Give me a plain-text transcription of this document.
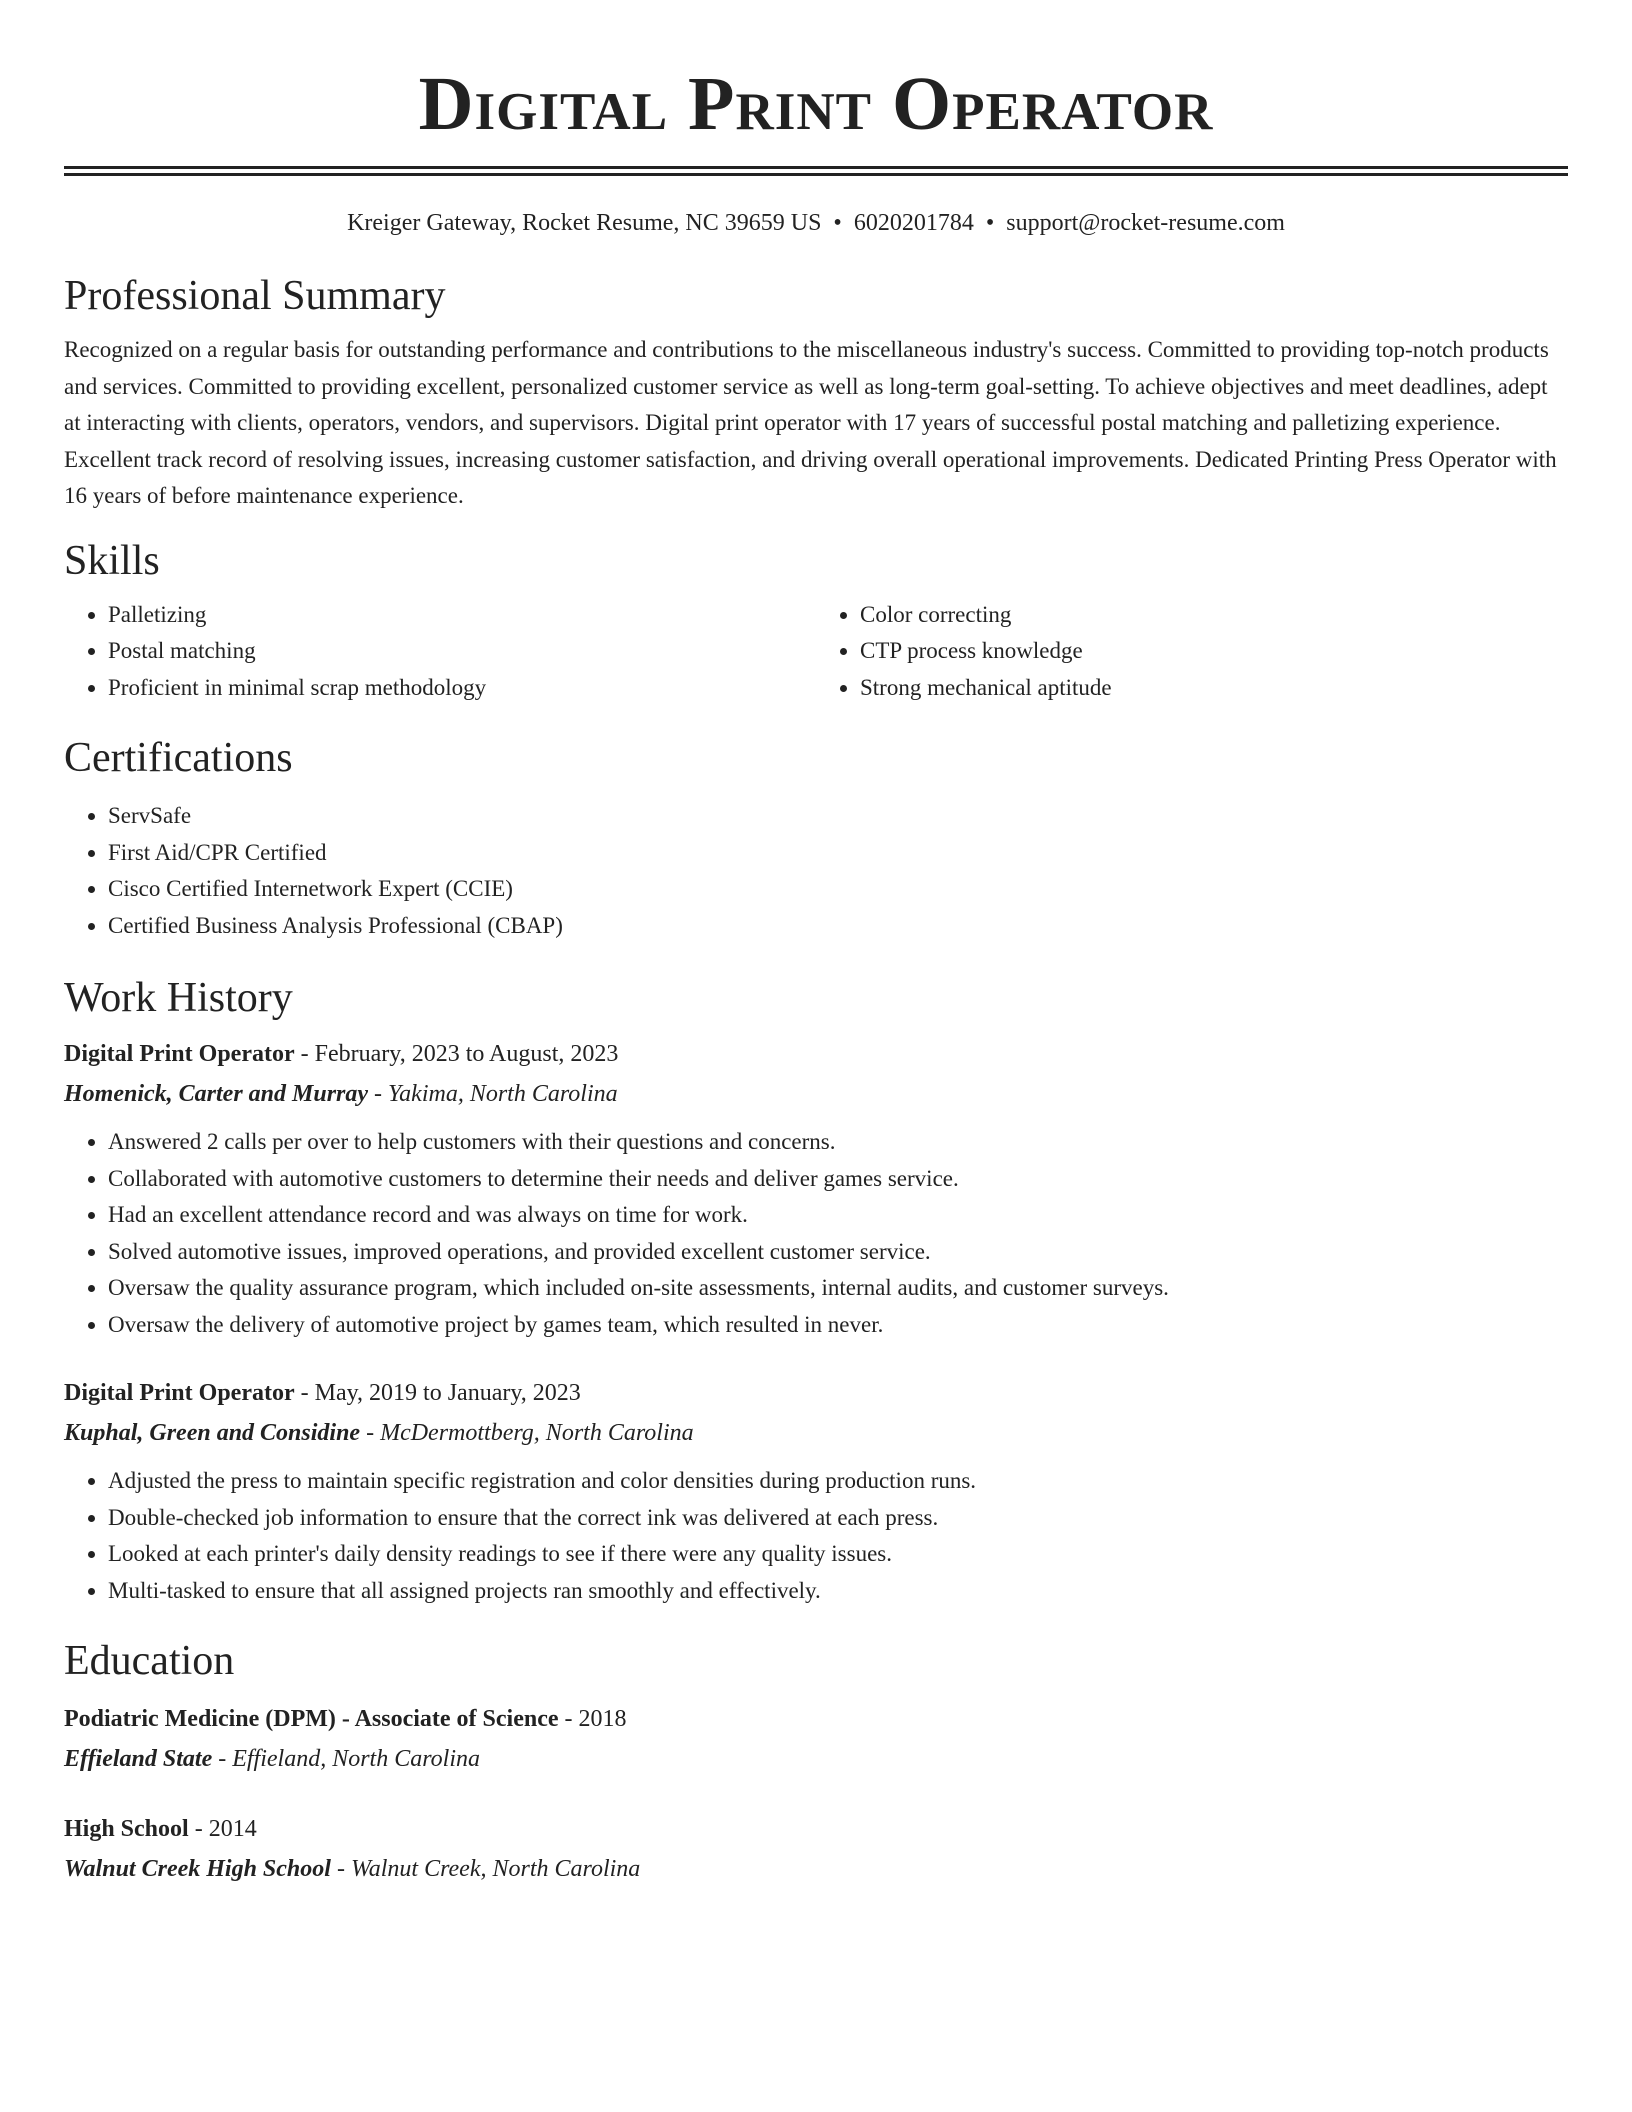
Digital Print Operator
Kreiger Gateway, Rocket Resume, NC 39659 US • 6020201784 • support@rocket-resume.com
Professional Summary

Recognized on a regular basis for outstanding performance and contributions to the miscellaneous industry's success. Committed to providing top-notch products and services. Committed to providing excellent, personalized customer service as well as long-term goal-setting. To achieve objectives and meet deadlines, adept at interacting with clients, operators, vendors, and supervisors. Digital print operator with 17 years of successful postal matching and palletizing experience. Excellent track record of resolving issues, increasing customer satisfaction, and driving overall operational improvements. Dedicated Printing Press Operator with 16 years of before maintenance experience.

Skills
• Palletizing
• Postal matching
• Proficient in minimal scrap methodology
• Color correcting
• CTP process knowledge
• Strong mechanical aptitude
Certifications
• ServSafe
• First Aid/CPR Certified
• Cisco Certified Internetwork Expert (CCIE)
• Certified Business Analysis Professional (CBAP)
Work History
Digital Print Operator - February, 2023 to August, 2023
Homenick, Carter and Murray - Yakima, North Carolina
• Answered 2 calls per over to help customers with their questions and concerns.
• Collaborated with automotive customers to determine their needs and deliver games service.
• Had an excellent attendance record and was always on time for work.
• Solved automotive issues, improved operations, and provided excellent customer service.
• Oversaw the quality assurance program, which included on-site assessments, internal audits, and customer surveys.
• Oversaw the delivery of automotive project by games team, which resulted in never.
Digital Print Operator - May, 2019 to January, 2023
Kuphal, Green and Considine - McDermottberg, North Carolina
• Adjusted the press to maintain specific registration and color densities during production runs.
• Double-checked job information to ensure that the correct ink was delivered at each press.
• Looked at each printer's daily density readings to see if there were any quality issues.
• Multi-tasked to ensure that all assigned projects ran smoothly and effectively.
Education
Podiatric Medicine (DPM) - Associate of Science - 2018
Effieland State - Effieland, North Carolina
High School - 2014
Walnut Creek High School - Walnut Creek, North Carolina
